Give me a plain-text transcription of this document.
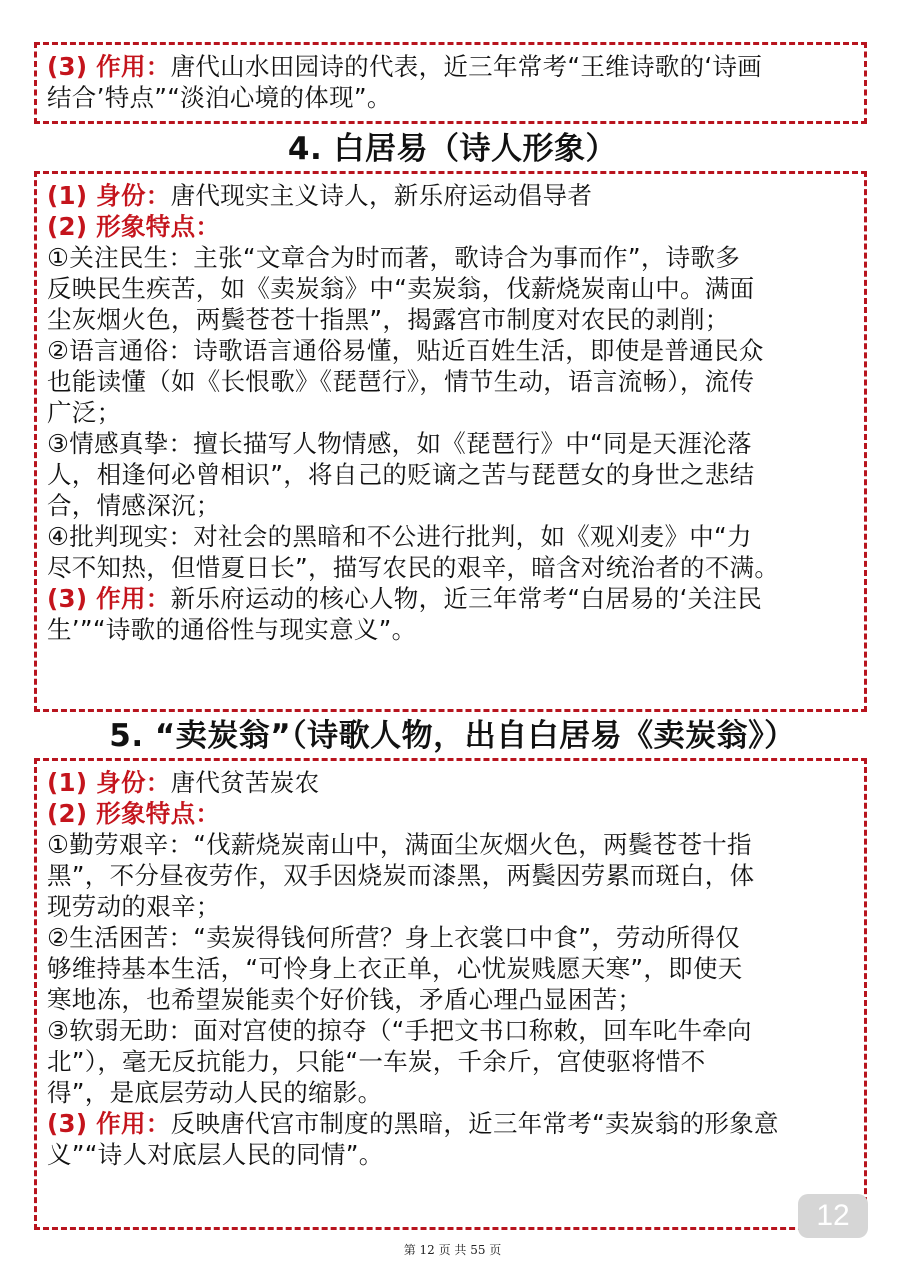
(3) 作用：唐代山水田园诗的代表，近三年常考“王维诗歌的‘诗画
结合’特点”“淡泊心境的体现”。
4. 白居易（诗人形象）
(1) 身份：唐代现实主义诗人，新乐府运动倡导者
(2) 形象特点：
①关注民生：主张“文章合为时而著，歌诗合为事而作”，诗歌多
反映民生疾苦，如《卖炭翁》中“卖炭翁，伐薪烧炭南山中。满面
尘灰烟火色，两鬓苍苍十指黑”，揭露宫市制度对农民的剥削；
②语言通俗：诗歌语言通俗易懂，贴近百姓生活，即使是普通民众
也能读懂（如《长恨歌》《琵琶行》，情节生动，语言流畅），流传
广泛；
③情感真挚：擅长描写人物情感，如《琵琶行》中“同是天涯沦落
人，相逢何必曾相识”，将自己的贬谪之苦与琵琶女的身世之悲结
合，情感深沉；
④批判现实：对社会的黑暗和不公进行批判，如《观刈麦》中“力
尽不知热，但惜夏日长”，描写农民的艰辛，暗含对统治者的不满。
(3) 作用：新乐府运动的核心人物，近三年常考“白居易的‘关注民
生’”“诗歌的通俗性与现实意义”。
5. “卖炭翁”（诗歌人物，出自白居易《卖炭翁》）
(1) 身份：唐代贫苦炭农
(2) 形象特点：
①勤劳艰辛：“伐薪烧炭南山中，满面尘灰烟火色，两鬓苍苍十指
黑”，不分昼夜劳作，双手因烧炭而漆黑，两鬓因劳累而斑白，体
现劳动的艰辛；
②生活困苦：“卖炭得钱何所营？身上衣裳口中食”，劳动所得仅
够维持基本生活，“可怜身上衣正单，心忧炭贱愿天寒”，即使天
寒地冻，也希望炭能卖个好价钱，矛盾心理凸显困苦；
③软弱无助：面对宫使的掠夺（“手把文书口称敕，回车叱牛牵向
北”），毫无反抗能力，只能“一车炭，千余斤，宫使驱将惜不
得”，是底层劳动人民的缩影。
(3) 作用：反映唐代宫市制度的黑暗，近三年常考“卖炭翁的形象意
义”“诗人对底层人民的同情”。
12
第 12 页 共 55 页
